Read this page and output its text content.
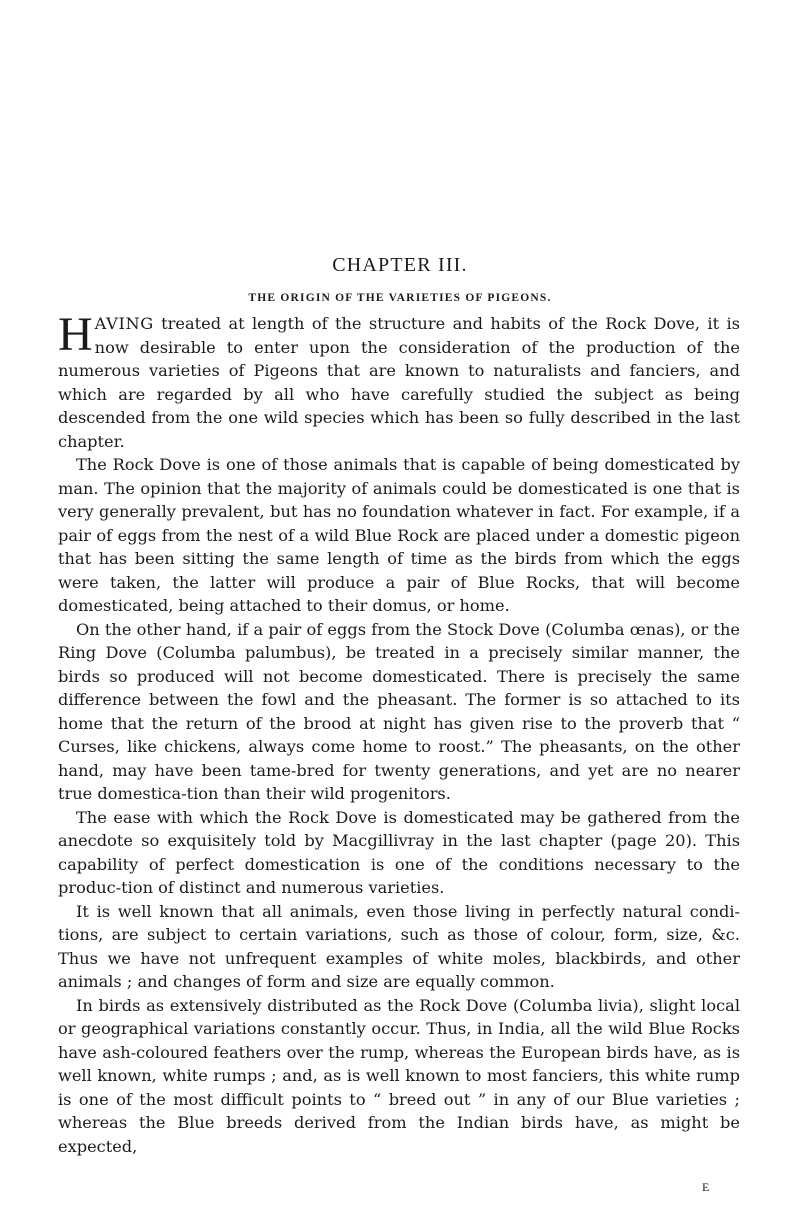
CHAPTER III.
THE ORIGIN OF THE VARIETIES OF PIGEONS.

HAVING treated at length of the structure and habits of the Rock Dove, it is now desirable to enter upon the consideration of the production of the numerous varieties of Pigeons that are known to naturalists and fanciers, and which are regarded by all who have carefully studied the subject as being descended from the one wild species which has been so fully described in the last chapter.

The Rock Dove is one of those animals that is capable of being domesticated by man. The opinion that the majority of animals could be domesticated is one that is very generally prevalent, but has no foundation whatever in fact. For example, if a pair of eggs from the nest of a wild Blue Rock are placed under a domestic pigeon that has been sitting the same length of time as the birds from which the eggs were taken, the latter will produce a pair of Blue Rocks, that will become domesticated, being attached to their domus, or home.

On the other hand, if a pair of eggs from the Stock Dove (Columba œnas), or the Ring Dove (Columba palumbus), be treated in a precisely similar manner, the birds so produced will not become domesticated. There is precisely the same difference between the fowl and the pheasant. The former is so attached to its home that the return of the brood at night has given rise to the proverb that “ Curses, like chickens, always come home to roost.” The pheasants, on the other hand, may have been tame-bred for twenty generations, and yet are no nearer true domestica-tion than their wild progenitors.

The ease with which the Rock Dove is domesticated may be gathered from the anecdote so exquisitely told by Macgillivray in the last chapter (page 20). This capability of perfect domestication is one of the conditions necessary to the produc-tion of distinct and numerous varieties.

It is well known that all animals, even those living in perfectly natural condi-tions, are subject to certain variations, such as those of colour, form, size, &c. Thus we have not unfrequent examples of white moles, blackbirds, and other animals ; and changes of form and size are equally common.

In birds as extensively distributed as the Rock Dove (Columba livia), slight local or geographical variations constantly occur. Thus, in India, all the wild Blue Rocks have ash-coloured feathers over the rump, whereas the European birds have, as is well known, white rumps ; and, as is well known to most fanciers, this white rump is one of the most difficult points to “ breed out ” in any of our Blue varieties ; whereas the Blue breeds derived from the Indian birds have, as might be expected,

E
